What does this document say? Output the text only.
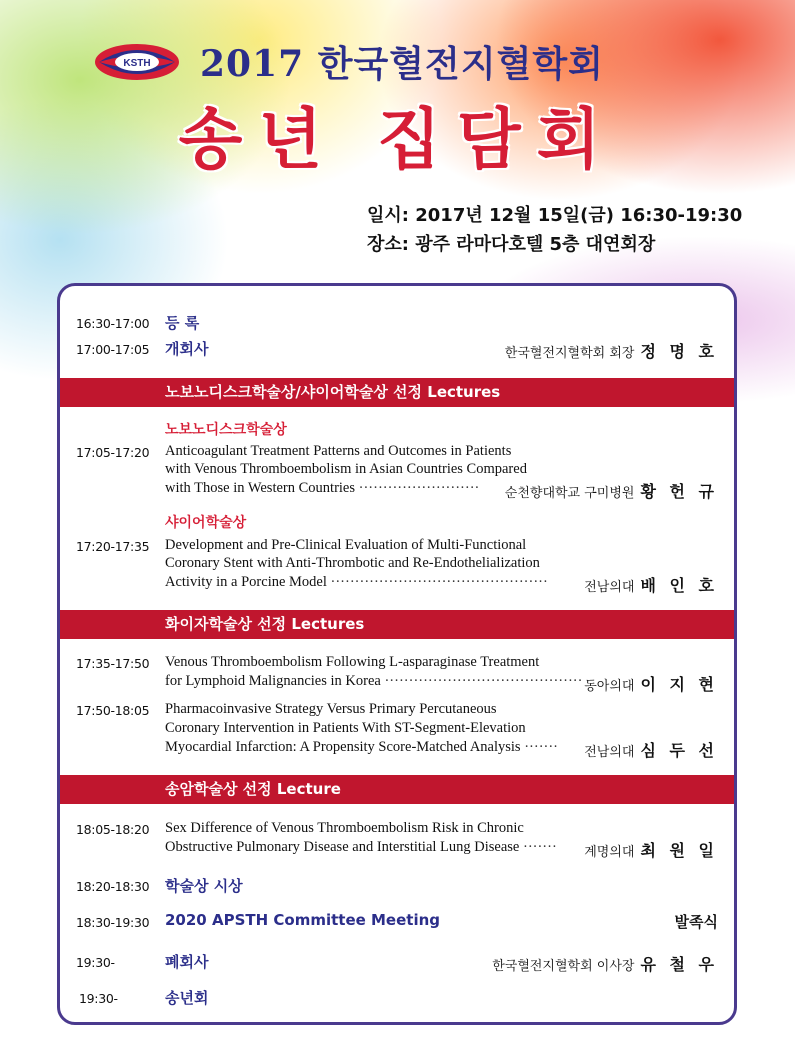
KSTH 2017 한국혈전지혈학회
송년 집담회
일시: 2017년 12월 15일(금) 16:30-19:30
장소: 광주 라마다호텔 5층 대연회장
16:30-17:00 등 록
17:00-17:05 개회사	한국혈전지혈학회 회장 정 명 호
노보노디스크학술상/샤이어학술상 선정 Lectures
노보노디스크학술상
17:05-17:20 Anticoagulant Treatment Patterns and Outcomes in Patients
with Venous Thromboembolism in Asian Countries Compared
with Those in Western Countries ························· 순천향대학교 구미병원 황 헌 규
샤이어학술상
17:20-17:35 Development and Pre-Clinical Evaluation of Multi-Functional
Coronary Stent with Anti-Thrombotic and Re-Endothelialization
Activity in a Porcine Model ·············································	전남의대 배 인 호
화이자학술상 선정 Lectures
17:35-17:50 Venous Thromboembolism Following L-asparaginase Treatment
for Lymphoid Malignancies in Korea ········································· 동아의대 이 지 현
17:50-18:05 Pharmacoinvasive Strategy Versus Primary Percutaneous
Coronary Intervention in Patients With ST-Segment-Elevation
Myocardial Infarction: A Propensity Score-Matched Analysis ······· 전남의대 심 두 선
송암학술상 선정 Lecture
18:05-18:20 Sex Difference of Venous Thromboembolism Risk in Chronic
Obstructive Pulmonary Disease and Interstitial Lung Disease ······· 계명의대 최 원 일
18:20-18:30 학술상 시상
18:30-19:30 2020 APSTH Committee Meeting	발족식
19:30-	폐회사	한국혈전지혈학회 이사장 유 철 우
19:30-	송년회
